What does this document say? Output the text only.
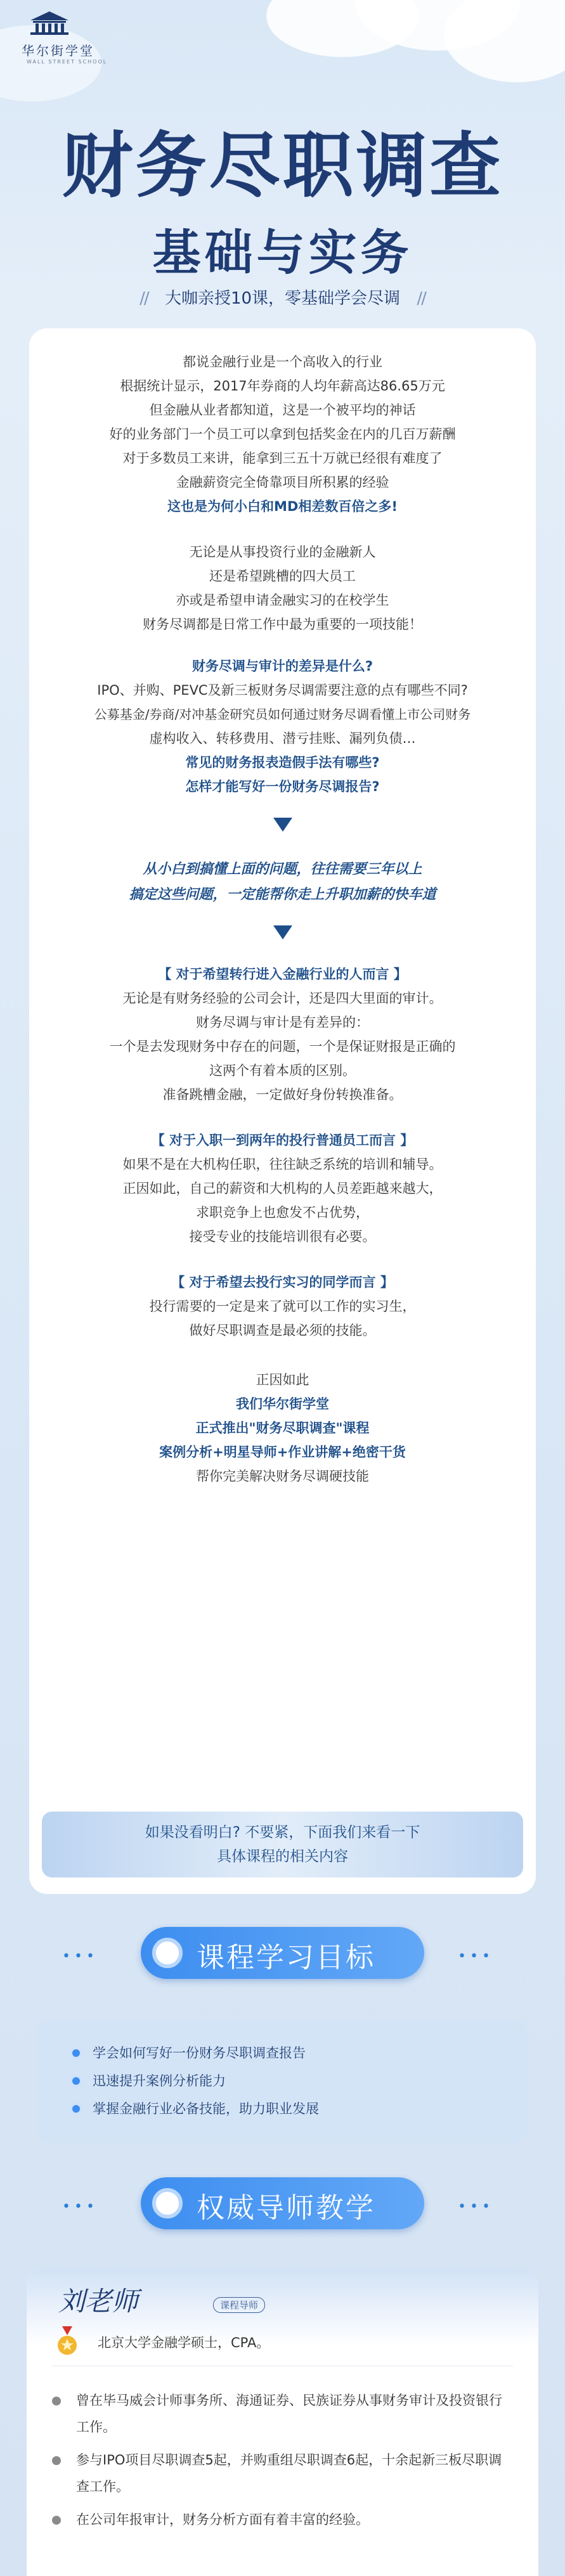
华尔街学堂
WALL STREET SCHOOL
财务尽职调查
基础与实务
// 大咖亲授10课，零基础学会尽调 //
都说金融行业是一个高收入的行业
根据统计显示，2017年券商的人均年薪高达86.65万元
但金融从业者都知道，这是一个被平均的神话
好的业务部门一个员工可以拿到包括奖金在内的几百万薪酬
对于多数员工来讲，能拿到三五十万就已经很有难度了
金融薪资完全倚靠项目所积累的经验
这也是为何小白和MD相差数百倍之多!
无论是从事投资行业的金融新人
还是希望跳槽的四大员工
亦或是希望申请金融实习的在校学生
财务尽调都是日常工作中最为重要的一项技能！
财务尽调与审计的差异是什么?
IPO、并购、PEVC及新三板财务尽调需要注意的点有哪些不同?
公募基金/券商/对冲基金研究员如何通过财务尽调看懂上市公司财务
虚构收入、转移费用、潜亏挂账、漏列负债…
常见的财务报表造假手法有哪些?
怎样才能写好一份财务尽调报告?
从小白到搞懂上面的问题，往往需要三年以上
搞定这些问题，一定能帮你走上升职加薪的快车道
【 对于希望转行进入金融行业的人而言 】
无论是有财务经验的公司会计，还是四大里面的审计。
财务尽调与审计是有差异的：
一个是去发现财务中存在的问题，一个是保证财报是正确的
这两个有着本质的区别。
准备跳槽金融，一定做好身份转换准备。
【 对于入职一到两年的投行普通员工而言 】
如果不是在大机构任职，往往缺乏系统的培训和辅导。
正因如此，自己的薪资和大机构的人员差距越来越大，
求职竞争上也愈发不占优势，
接受专业的技能培训很有必要。
【 对于希望去投行实习的同学而言 】
投行需要的一定是来了就可以工作的实习生，
做好尽职调查是最必须的技能。
正因如此
我们华尔街学堂
正式推出"财务尽职调查"课程
案例分析+明星导师+作业讲解+绝密干货
帮你完美解决财务尽调硬技能
如果没看明白? 不要紧，下面我们来看一下
具体课程的相关内容
•••	课程学习目标	•••
学会如何写好一份财务尽职调查报告
迅速提升案例分析能力
掌握金融行业必备技能，助力职业发展
•••	权威导师教学	•••
刘老师	课程导师
北京大学金融学硕士，CPA。
曾在毕马威会计师事务所、海通证券、民族证券从事财务审计及投资银行工作。
参与IPO项目尽职调查5起，并购重组尽职调查6起，十余起新三板尽职调查工作。
在公司年报审计，财务分析方面有着丰富的经验。
